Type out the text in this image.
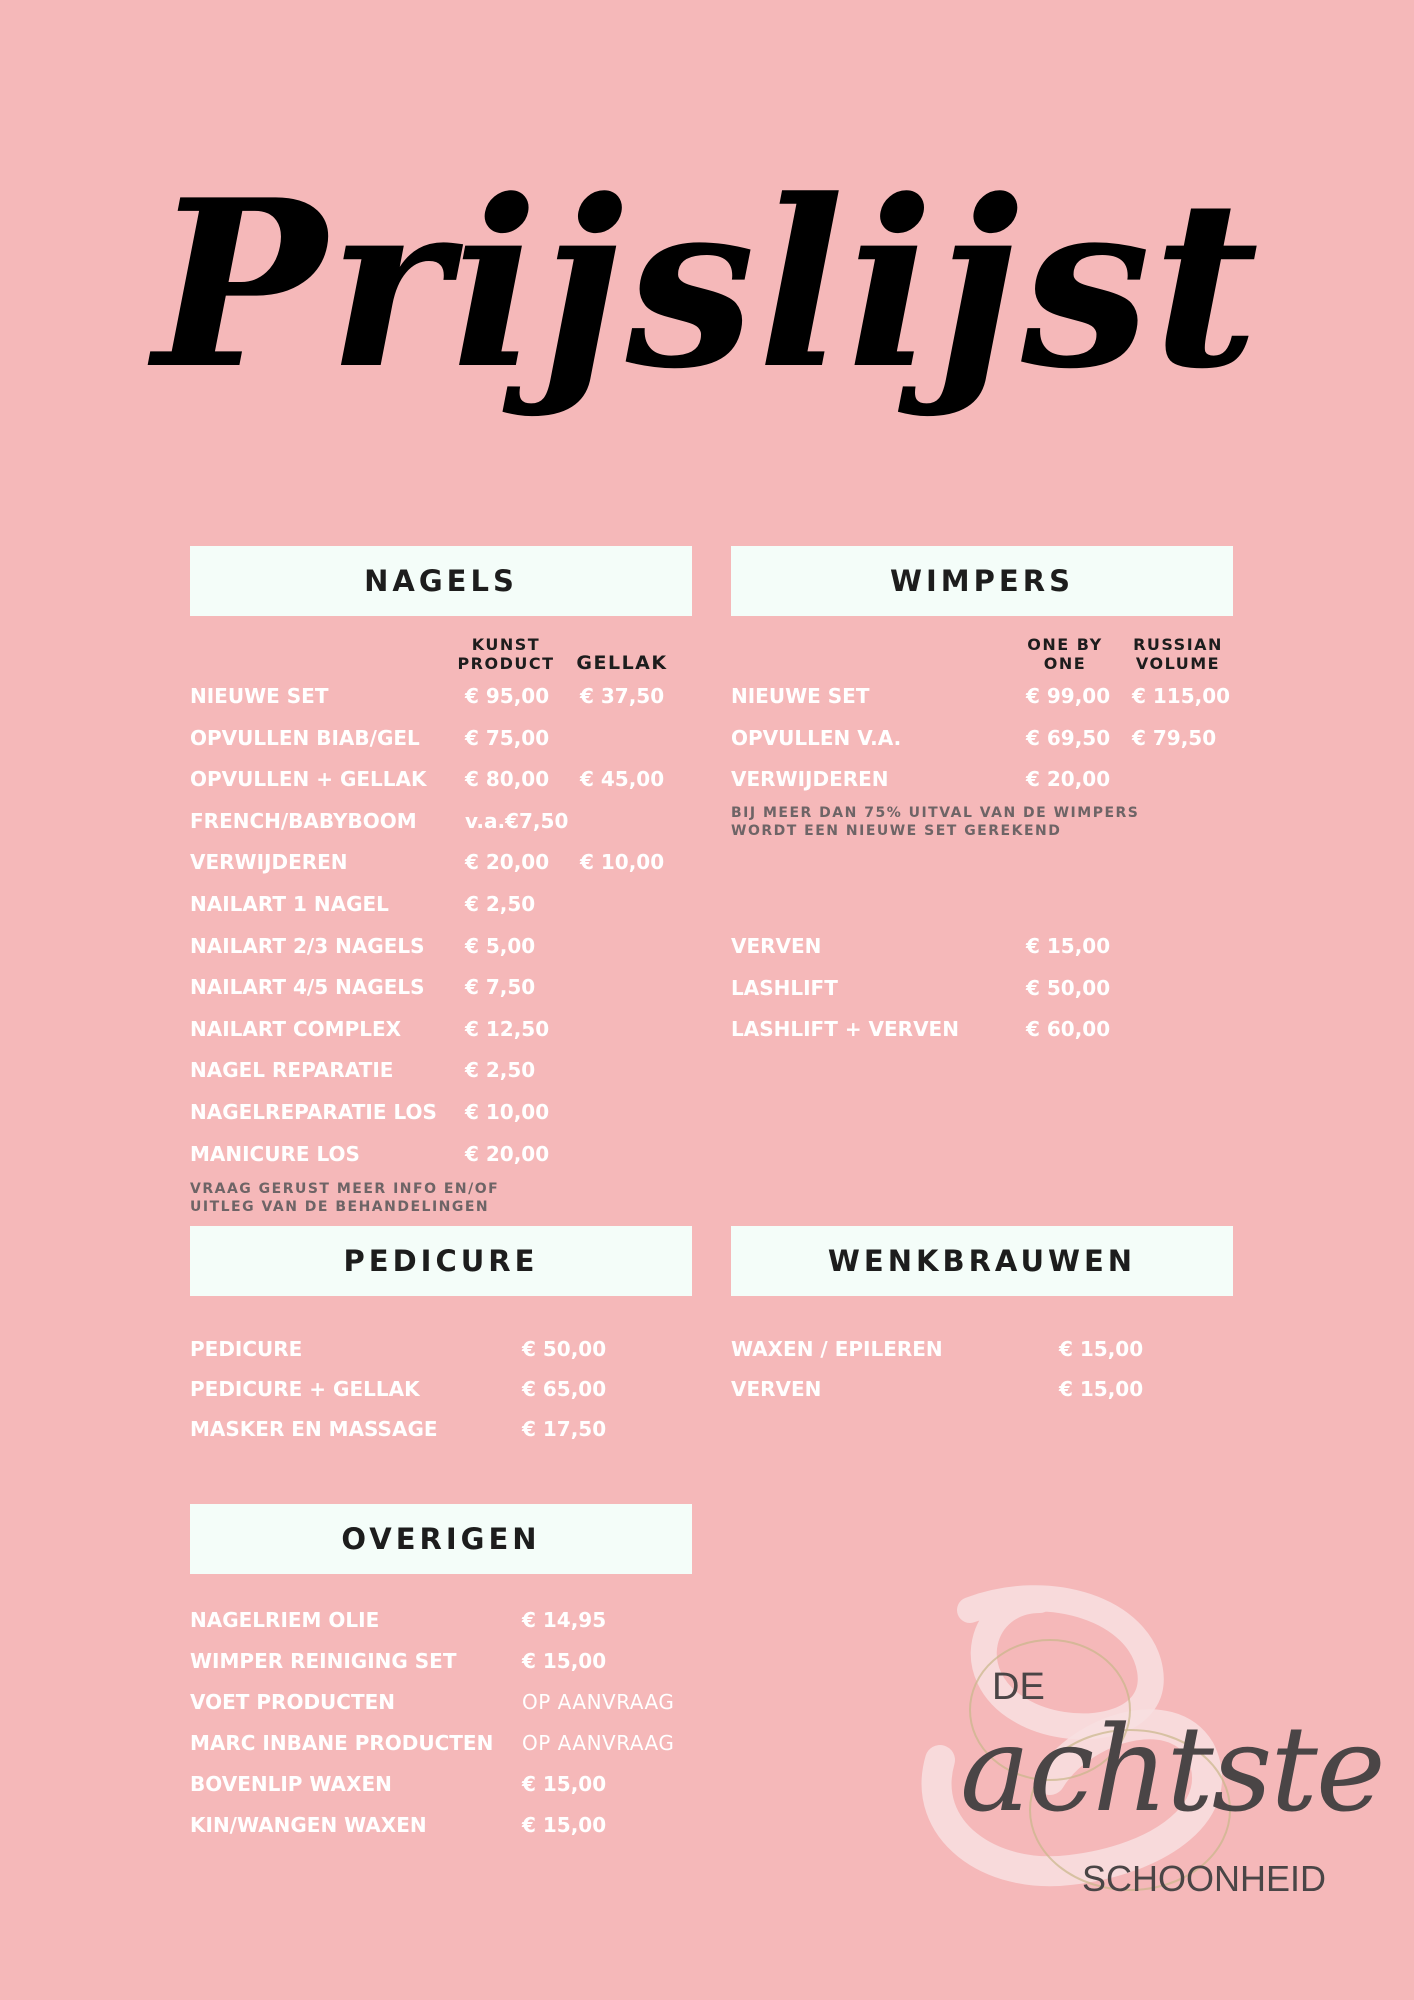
Prijslijst
NAGELS
KUNST PRODUCT	GELLAK
NIEUWE SET	€ 95,00 € 37,50
OPVULLEN BIAB/GEL € 75,00
OPVULLEN + GELLAK € 80,00 € 45,00
FRENCH/BABYBOOM v.a.€7,50
VERWIJDEREN	€ 20,00 € 10,00
NAILART 1 NAGEL	€ 2,50
NAILART 2/3 NAGELS € 5,00
NAILART 4/5 NAGELS € 7,50
NAILART COMPLEX	€ 12,50
NAGEL REPARATIE	€ 2,50
NAGELREPARATIE LOS € 10,00
MANICURE LOS	€ 20,00
VRAAG GERUST MEER INFO EN/OF UITLEG VAN DE BEHANDELINGEN
WIMPERS
ONE BY ONE
RUSSIAN VOLUME
NIEUWE SET	€ 99,00 € 115,00
OPVULLEN V.A.	€ 69,50 € 79,50
VERWIJDEREN	€ 20,00
BIJ MEER DAN 75% UITVAL VAN DE WIMPERS WORDT EEN NIEUWE SET GEREKEND
VERVEN	€ 15,00
LASHLIFT	€ 50,00
LASHLIFT + VERVEN	€ 60,00
PEDICURE
PEDICURE	€ 50,00
PEDICURE + GELLAK	€ 65,00
MASKER EN MASSAGE	€ 17,50
WENKBRAUWEN
WAXEN / EPILEREN	€ 15,00
VERVEN	€ 15,00
OVERIGEN
NAGELRIEM OLIE	€ 14,95
WIMPER REINIGING SET	€ 15,00
VOET PRODUCTEN	OP AANVRAAG
MARC INBANE PRODUCTEN OP AANVRAAG
BOVENLIP WAXEN	€ 15,00
KIN/WANGEN WAXEN	€ 15,00
DE
achtste
SCHOONHEID
